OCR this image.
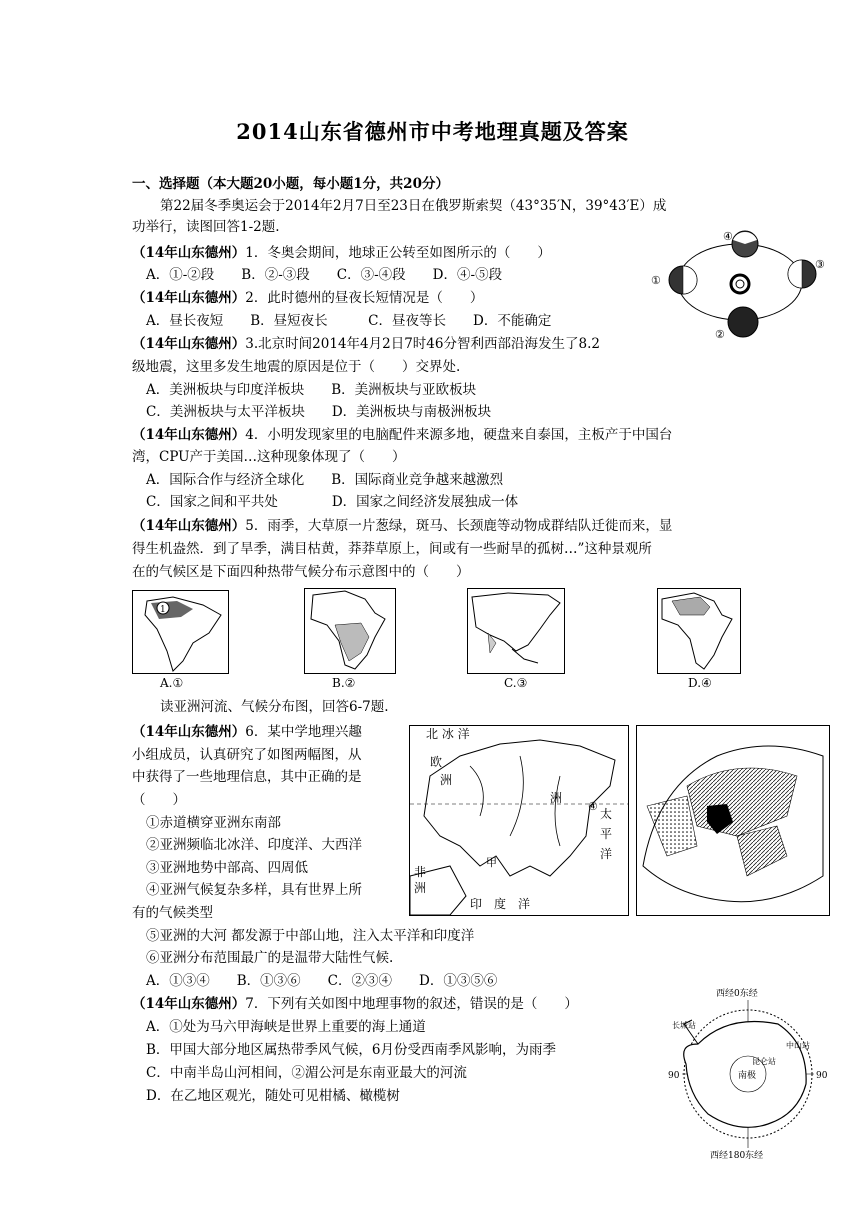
2014山东省德州市中考地理真题及答案
一、选择题（本大题20小题，每小题1分，共20分）
第22届冬季奥运会于2014年2月7日至23日在俄罗斯索契（43°35′N，39°43′E）成
功举行，读图回答1-2题.
（14年山东德州）1．冬奥会期间，地球正公转至如图所示的（　　）
A．①-②段　　B．②-③段　　C．③-④段　　D．④-⑤段
（14年山东德州）2．此时德州的昼夜长短情况是（　　）
A．昼长夜短　　B．昼短夜长　　　C．昼夜等长　　D．不能确定
（14年山东德州）3.北京时间2014年4月2日7时46分智利西部沿海发生了8.2
级地震，这里多发生地震的原因是位于（　　）交界处.
A．美洲板块与印度洋板块　　B．美洲板块与亚欧板块
C．美洲板块与太平洋板块　　D．美洲板块与南极洲板块
（14年山东德州）4．小明发现家里的电脑配件来源多地，硬盘来自泰国，主板产于中国台
湾，CPU产于美国…这种现象体现了（　　）
A．国际合作与经济全球化　　B．国际商业竞争越来越激烈
C．国家之间和平共处　　　　D．国家之间经济发展独成一体
（14年山东德州）5．雨季，大草原一片葱绿，斑马、长颈鹿等动物成群结队迁徙而来，显
得生机盎然．到了旱季，满目枯黄，莽莽草原上，间或有一些耐旱的孤树…”这种景观所
在的气候区是下面四种热带气候分布示意图中的（　　）
④
①
③
②
1
A.①	B.②	C.③	D.④
读亚洲河流、气候分布图，回答6-7题.
（14年山东德州）6．某中学地理兴趣
小组成员，认真研究了如图两幅图，从
中获得了一些地理信息，其中正确的是
（　　）
①赤道横穿亚洲东南部
②亚洲频临北冰洋、印度洋、大西洋
③亚洲地势中部高、四周低
④亚洲气候复杂多样，具有世界上所
有的气候类型
⑤亚洲的大河 都发源于中部山地，注入太平洋和印度洋
⑥亚洲分布范围最广的是温带大陆性气候.
A．①③④　　B．①③⑥　　C．②③④　　D．①③⑤⑥
北 冰 洋
欧
洲
洲
太
平
洋
非
洲
甲
④
印　度　洋
（14年山东德州）7．下列有关如图中地理事物的叙述，错误的是（　　）
A．①处为马六甲海峡是世界上重要的海上通道
B．甲国大部分地区属热带季风气候，6月份受西南季风影响，为雨季
C．中南半岛山河相间，②湄公河是东南亚最大的河流
D．在乙地区观光，随处可见柑橘、橄榄树
西经0东经
西经180东经
90	90
南极
昆仑站
中山站
长城站
